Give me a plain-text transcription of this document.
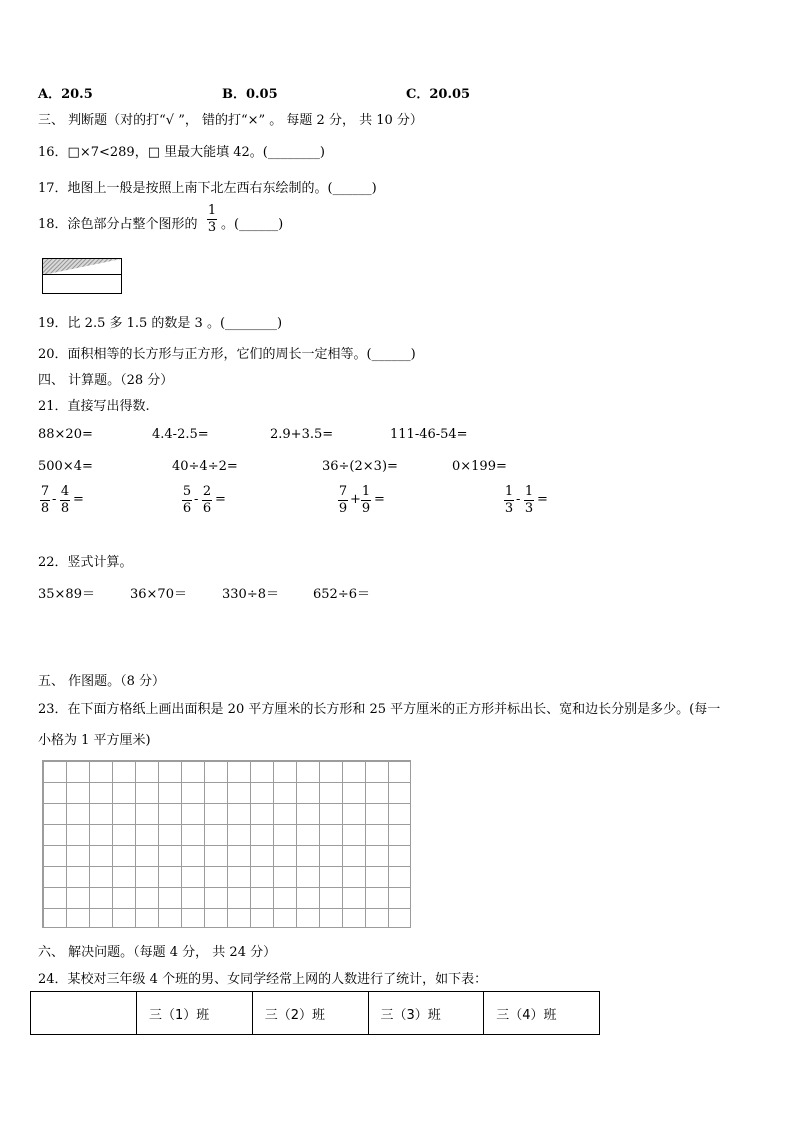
A．20.5	B．0.05	C．20.05
三、 判断题（对的打“√ ”， 错的打“×” 。 每题 2 分， 共 10 分）
16．□×7<289，□ 里最大能填 42。(________)
17．地图上一般是按照上南下北左西右东绘制的。(______)
18．涂色部分占整个图形的
1
3 。(______)
19．比 2.5 多 1.5 的数是 3 。(________)
20．面积相等的长方形与正方形，它们的周长一定相等。(______)
四、 计算题。（28 分）
21．直接写出得数.
88×20=	4.4-2.5=	2.9+3.5=	111-46-54=
500×4=	40÷4÷2=	36÷(2×3)=	0×199=
7
8
-
4
8
=
5
6
-
2
6
=
7
9
+
1
9
=
1
3
-
1
3
=
22．竖式计算。
35×89＝	36×70＝	330÷8＝	652÷6＝
五、 作图题。（8 分）
23．在下面方格纸上画出面积是 20 平方厘米的长方形和 25 平方厘米的正方形并标出长、宽和边长分别是多少。(每一
小格为 1 平方厘米)
六、 解决问题。（每题 4 分， 共 24 分）
24．某校对三年级 4 个班的男、女同学经常上网的人数进行了统计，如下表：
	三（1）班	三（2）班	三（3）班	三（4）班
